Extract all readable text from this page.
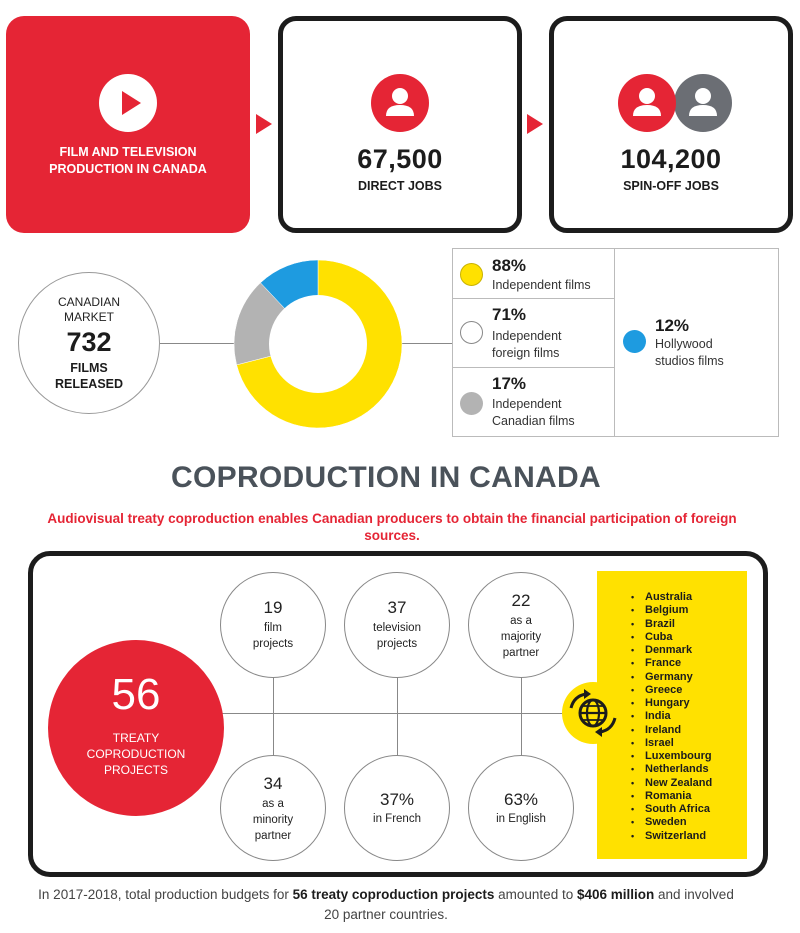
FILM AND TELEVISION
PRODUCTION IN CANADA	67,500
DIRECT JOBS
104,200
SPIN-OFF JOBS
CANADIAN
MARKET
732
FILMS
RELEASED
88%
Independent films
71%
Independent
foreign films
17%
Independent
Canadian films
12%
Hollywood
studios films
COPRODUCTION IN CANADA
Audiovisual treaty coproduction enables Canadian producers to obtain the financial participation of foreign sources.
56
TREATY
COPRODUCTION
PROJECTS
19
film
projects
37
television
projects
22
as a
majority
partner
34
as a
minority
partner
37%
in French
63%
in English
• Australia
• Belgium
• Brazil
• Cuba
• Denmark
• France
• Germany
• Greece
• Hungary
• India
• Ireland
• Israel
• Luxembourg
• Netherlands
• New Zealand
• Romania
• South Africa
• Sweden
• Switzerland
In 2017-2018, total production budgets for 56 treaty coproduction projects amounted to $406 million and involved
20 partner countries.
